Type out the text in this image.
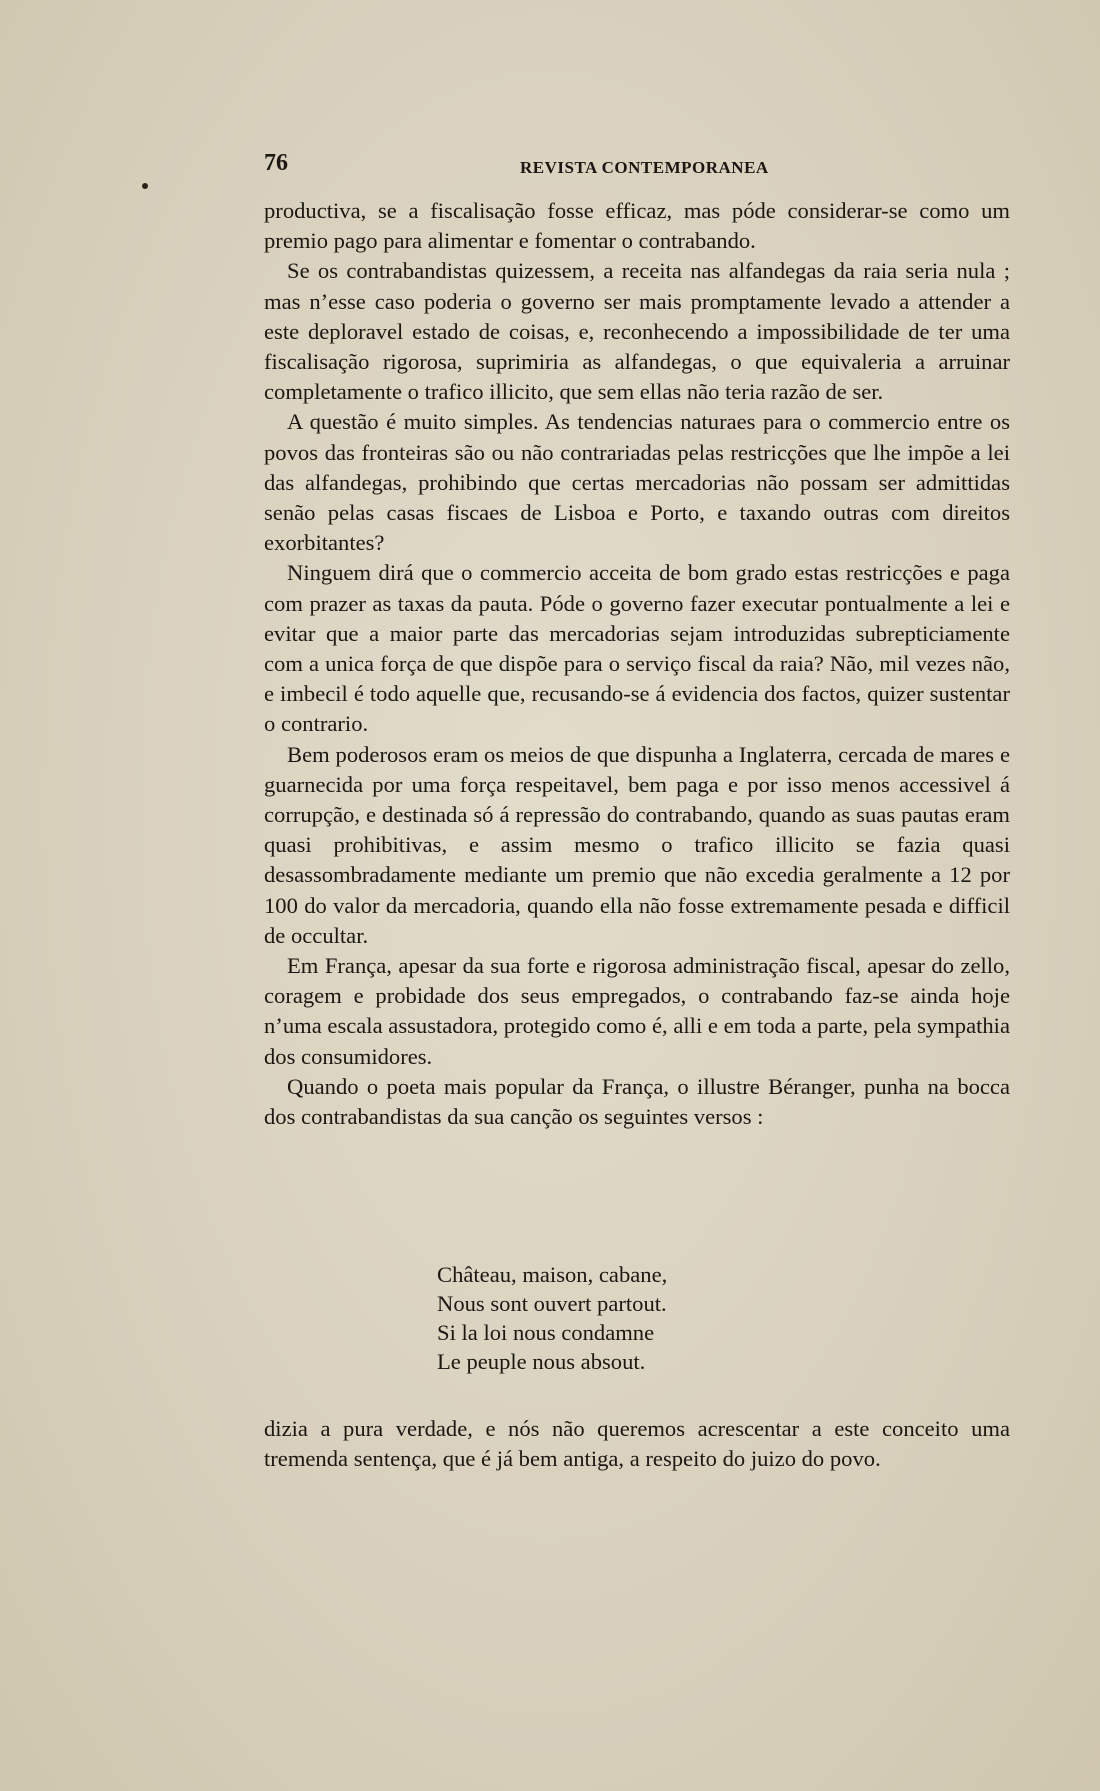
76	REVISTA CONTEMPORANEA

productiva, se a fiscalisação fosse efficaz, mas póde considerar-se como um premio pago para alimentar e fomentar o contrabando.

Se os contrabandistas quizessem, a receita nas alfandegas da raia seria nula ; mas n’esse caso poderia o governo ser mais promptamente levado a attender a este deploravel estado de coisas, e, reconhecendo a impossibilidade de ter uma fiscalisação rigorosa, suprimiria as alfandegas, o que equivaleria a arruinar completamente o trafico illicito, que sem ellas não teria razão de ser.

A questão é muito simples. As tendencias naturaes para o commercio entre os povos das fronteiras são ou não contrariadas pelas restricções que lhe impõe a lei das alfandegas, prohibindo que certas mercadorias não possam ser admittidas senão pelas casas fiscaes de Lisboa e Porto, e taxando outras com direitos exorbitantes?

Ninguem dirá que o commercio acceita de bom grado estas restricções e paga com prazer as taxas da pauta. Póde o governo fazer executar pontualmente a lei e evitar que a maior parte das mercadorias sejam introduzidas subrepticiamente com a unica força de que dispõe para o serviço fiscal da raia? Não, mil vezes não, e imbecil é todo aquelle que, recusando-se á evidencia dos factos, quizer sustentar o contrario.

Bem poderosos eram os meios de que dispunha a Inglaterra, cercada de mares e guarnecida por uma força respeitavel, bem paga e por isso menos accessivel á corrupção, e destinada só á repressão do contrabando, quando as suas pautas eram quasi prohibitivas, e assim mesmo o trafico illicito se fazia quasi desassombradamente mediante um premio que não excedia geralmente a 12 por 100 do valor da mercadoria, quando ella não fosse extremamente pesada e difficil de occultar.

Em França, apesar da sua forte e rigorosa administração fiscal, apesar do zello, coragem e probidade dos seus empregados, o contrabando faz-se ainda hoje n’uma escala assustadora, protegido como é, alli e em toda a parte, pela sympathia dos consumidores.

Quando o poeta mais popular da França, o illustre Béranger, punha na bocca dos contrabandistas da sua canção os seguintes versos :

Château, maison, cabane,
Nous sont ouvert partout.
Si la loi nous condamne
Le peuple nous absout.

dizia a pura verdade, e nós não queremos acrescentar a este conceito uma tremenda sentença, que é já bem antiga, a respeito do juizo do povo.
